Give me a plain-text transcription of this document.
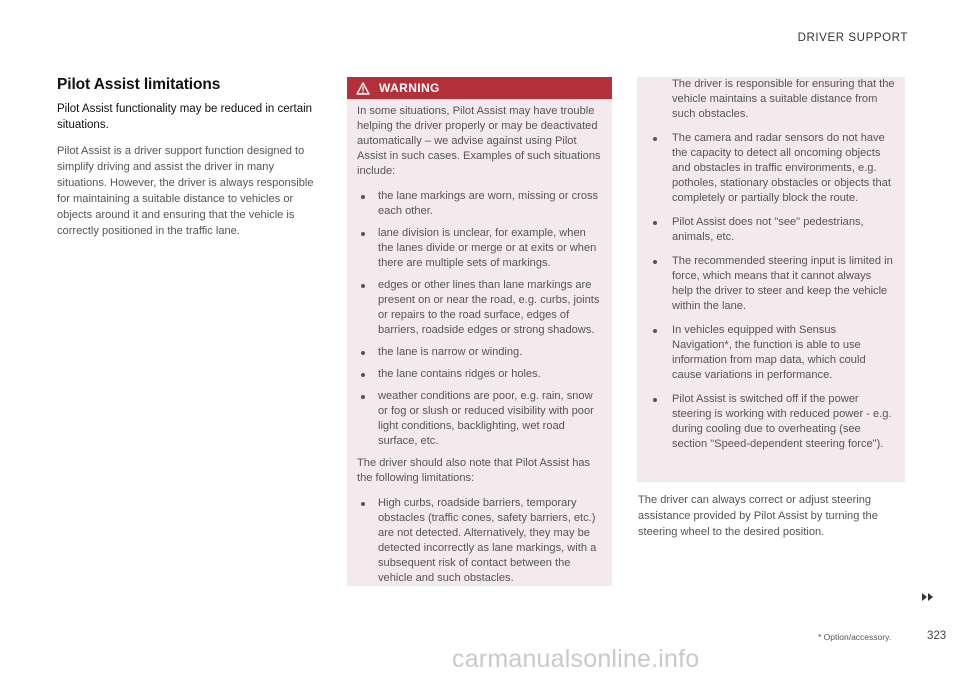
DRIVER SUPPORT
Pilot Assist limitations

Pilot Assist functionality may be reduced in certain situations.

Pilot Assist is a driver support function designed to simplify driving and assist the driver in many situations. However, the driver is always responsible for maintaining a suitable distance to vehicles or objects around it and ensuring that the vehicle is correctly positioned in the traffic lane.

WARNING

In some situations, Pilot Assist may have trouble helping the driver properly or may be deactivated automatically – we advise against using Pilot Assist in such cases. Examples of such situations include:

the lane markings are worn, missing or cross each other.
lane division is unclear, for example, when the lanes divide or merge or at exits or when there are multiple sets of markings.
edges or other lines than lane markings are present on or near the road, e.g. curbs, joints or repairs to the road surface, edges of barriers, roadside edges or strong shadows.
the lane is narrow or winding.
the lane contains ridges or holes.
weather conditions are poor, e.g. rain, snow or fog or slush or reduced visibility with poor light conditions, backlighting, wet road surface, etc.

The driver should also note that Pilot Assist has the following limitations:

High curbs, roadside barriers, temporary obstacles (traffic cones, safety barriers, etc.) are not detected. Alternatively, they may be detected incorrectly as lane markings, with a subsequent risk of contact between the vehicle and such obstacles.

The driver is responsible for ensuring that the vehicle maintains a suitable distance from such obstacles.

The camera and radar sensors do not have the capacity to detect all oncoming objects and obstacles in traffic environments, e.g. potholes, stationary obstacles or objects that completely or partially block the route.
Pilot Assist does not "see" pedestrians, animals, etc.
The recommended steering input is limited in force, which means that it cannot always help the driver to steer and keep the vehicle within the lane.
In vehicles equipped with Sensus Navigation*, the function is able to use information from map data, which could cause variations in performance.
Pilot Assist is switched off if the power steering is working with reduced power - e.g. during cooling due to overheating (see section "Speed-dependent steering force").

The driver can always correct or adjust steering assistance provided by Pilot Assist by turning the steering wheel to the desired position.

* Option/accessory.	323
carmanualsonline.info
